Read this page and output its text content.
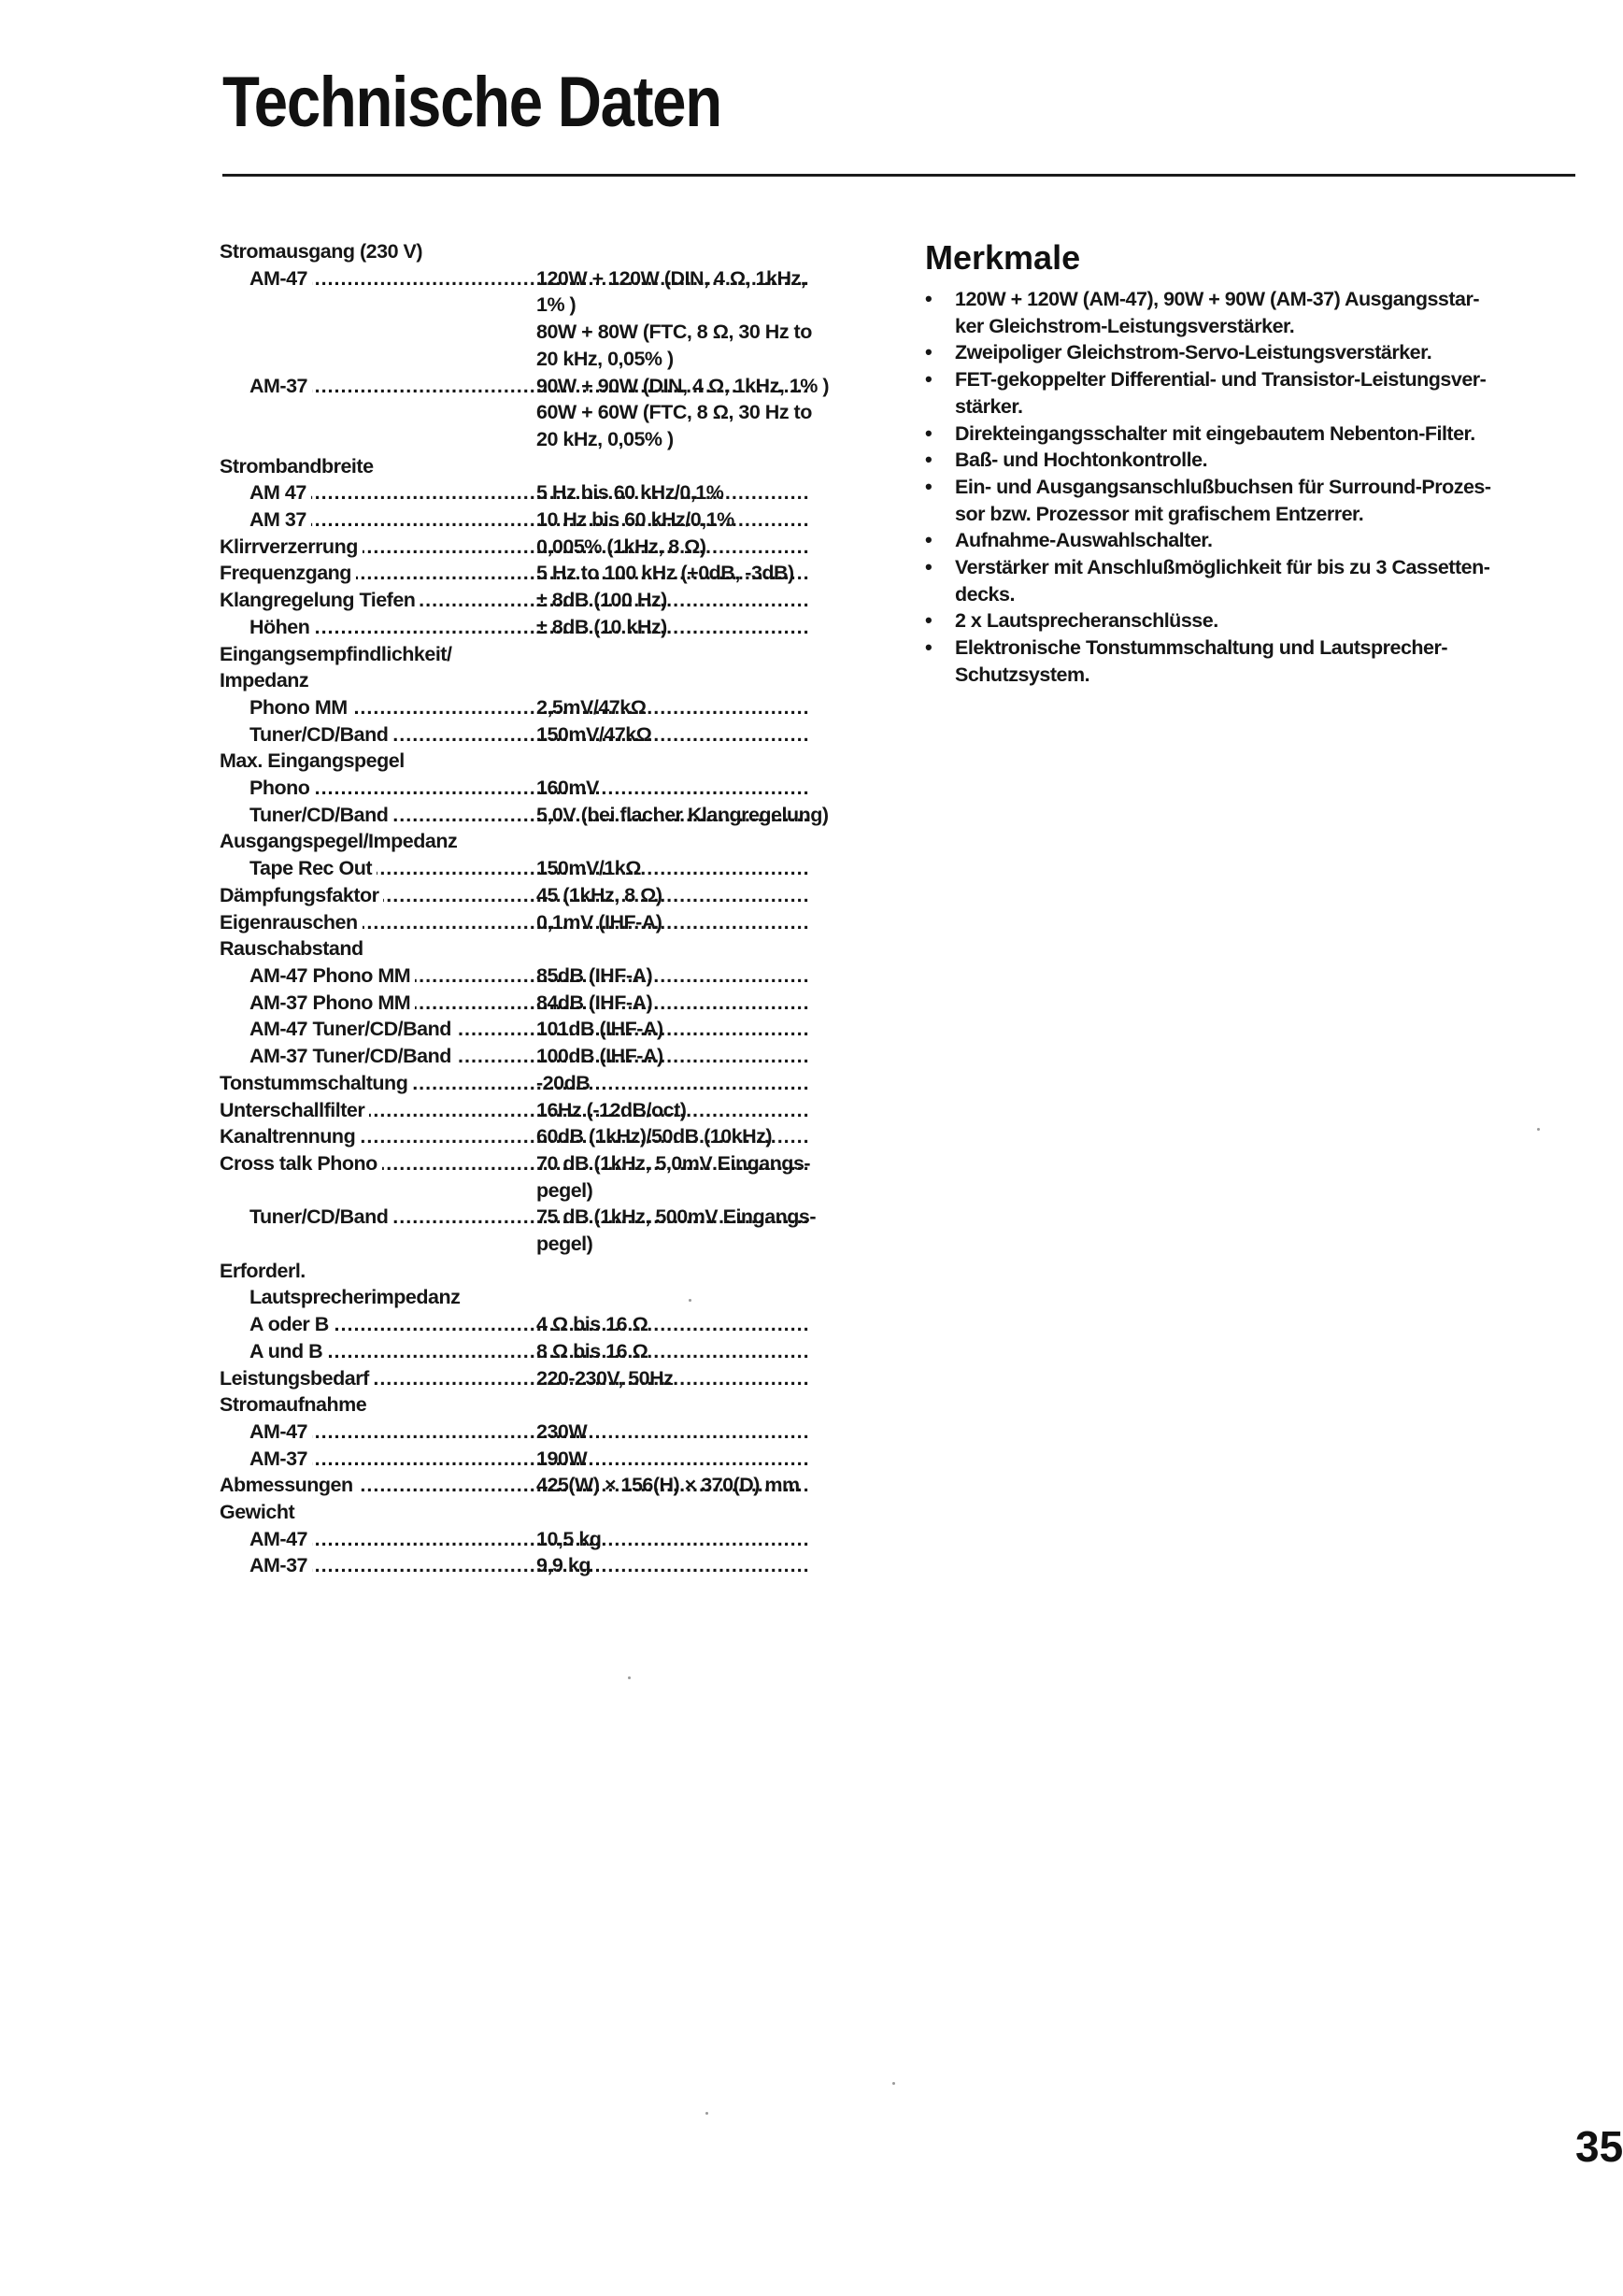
Technische Daten
Stromausgang (230 V)
AM-47 .....	120W + 120W (DIN, 4 Ω, 1kHz,
1% )
80W + 80W (FTC, 8 Ω, 30 Hz to
20 kHz, 0,05% )
AM-37 .....	90W + 90W (DIN, 4 Ω, 1kHz, 1% )
60W + 60W (FTC, 8 Ω, 30 Hz to
20 kHz, 0,05% )
Strombandbreite
AM 47 .....	5 Hz bis 60 kHz/0,1%
AM 37 .....	10 Hz bis 60 kHz/0,1%
Klirrverzerrung .....	0,005% (1kHz, 8 Ω)
Frequenzgang .....	5 Hz to 100 kHz (+0dB, -3dB)
Klangregelung Tiefen .....	± 8dB (100 Hz)
Höhen .....	± 8dB (10 kHz)
Eingangsempfindlichkeit/
Impedanz
Phono MM .....	2,5mV/47kΩ
Tuner/CD/Band .....	150mV/47kΩ
Max. Eingangspegel
Phono .....	160mV
Tuner/CD/Band .....	5,0V (bei flacher Klangregelung)
Ausgangspegel/Impedanz
Tape Rec Out .....	150mV/1kΩ
Dämpfungsfaktor .....	45 (1kHz, 8 Ω)
Eigenrauschen .....	0,1mV (IHF-A)
Rauschabstand
AM-47 Phono MM .....	85dB (IHF-A)
AM-37 Phono MM .....	84dB (IHF-A)
AM-47 Tuner/CD/Band .....	101dB (IHF-A)
AM-37 Tuner/CD/Band .....	100dB (IHF-A)
Tonstummschaltung .....	-20dB
Unterschallfilter .....	16Hz (-12dB/oct)
Kanaltrennung .....	60dB (1kHz)/50dB (10kHz)
Cross talk Phono .....	70 dB (1kHz, 5,0mV Eingangs-
pegel)
Tuner/CD/Band .....	75 dB (1kHz, 500mV Eingangs-
pegel)
Erforderl.
Lautsprecherimpedanz
A oder B .....	4 Ω bis 16 Ω
A und B .....	8 Ω bis 16 Ω
Leistungsbedarf .....	220-230V, 50Hz
Stromaufnahme
AM-47 .....	230W
AM-37 .....	190W
Abmessungen .....	425(W) × 156(H) × 370(D) mm
Gewicht
AM-47 .....	10,5 kg
AM-37 .....	9,9 kg
Merkmale
• 120W + 120W (AM-47), 90W + 90W (AM-37) Ausgangsstar-
ker Gleichstrom-Leistungsverstärker.
• Zweipoliger Gleichstrom-Servo-Leistungsverstärker.
• FET-gekoppelter Differential- und Transistor-Leistungsver-
stärker.
• Direkteingangsschalter mit eingebautem Nebenton-Filter.
• Baß- und Hochtonkontrolle.
• Ein- und Ausgangsanschlußbuchsen für Surround-Prozes-
sor bzw. Prozessor mit grafischem Entzerrer.
• Aufnahme-Auswahlschalter.
• Verstärker mit Anschlußmöglichkeit für bis zu 3 Cassetten-
decks.
• 2 x Lautsprecheranschlüsse.
• Elektronische Tonstummschaltung und Lautsprecher-
Schutzsystem.
35
